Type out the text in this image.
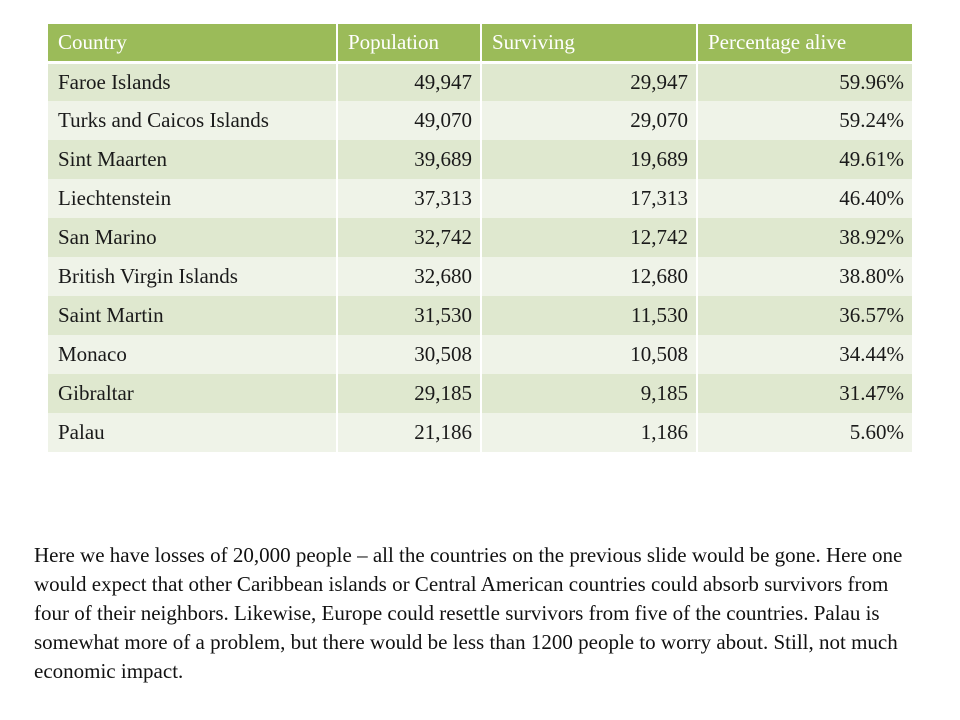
Country	Population	Surviving	Percentage alive
Faroe Islands	49,947	29,947	59.96%
Turks and Caicos Islands	49,070	29,070	59.24%
Sint Maarten	39,689	19,689	49.61%
Liechtenstein	37,313	17,313	46.40%
San Marino	32,742	12,742	38.92%
British Virgin Islands	32,680	12,680	38.80%
Saint Martin	31,530	11,530	36.57%
Monaco	30,508	10,508	34.44%
Gibraltar	29,185	9,185	31.47%
Palau	21,186	1,186	5.60%

Here we have losses of 20,000 people – all the countries on the previous slide would be gone. Here one would expect that other Caribbean islands or Central American countries could absorb survivors from four of their neighbors. Likewise, Europe could resettle survivors from five of the countries. Palau is somewhat more of a problem, but there would be less than 1200 people to worry about. Still, not much economic impact.
